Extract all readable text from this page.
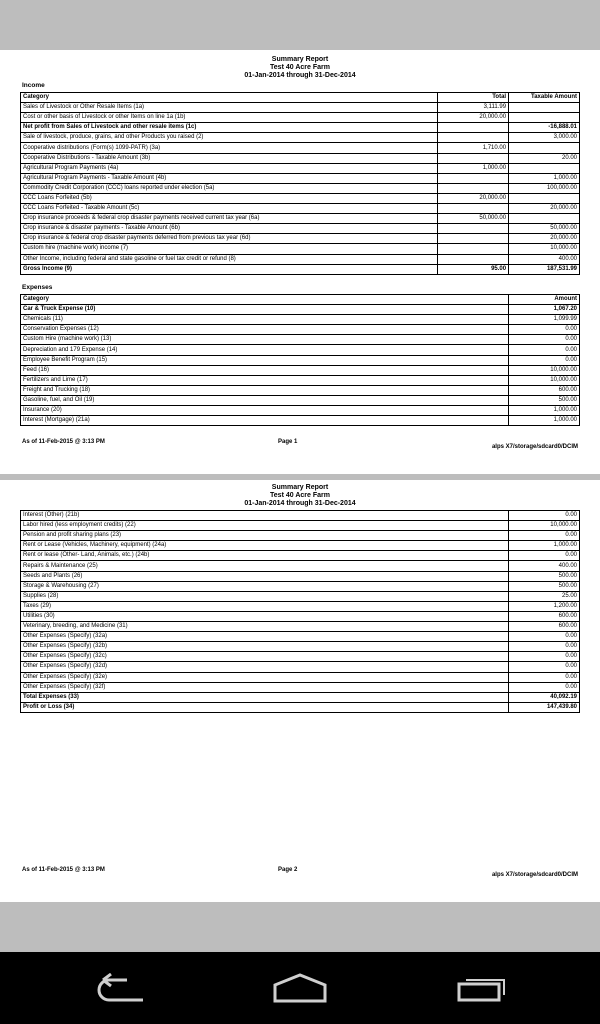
Summary Report
Test 40 Acre Farm
01-Jan-2014 through 31-Dec-2014
Income
Category	Total	Taxable Amount
Sales of Livestock or Other Resale Items (1a)	3,111.99	
Cost or other basis of Livestock or other Items on line 1a (1b)	20,000.00	
Net profit from Sales of Livestock and other resale items (1c)		-16,888.01
Sale of livestock, produce, grains, and other Products you raised (2)		3,000.00
Cooperative distributions (Form(s) 1099-PATR) (3a)	1,710.00	
Cooperative Distributions - Taxable Amount (3b)		20.00
Agricultural Program Payments (4a)	1,000.00	
Agricultural Program Payments - Taxable Amount (4b)		1,000.00
Commodity Credit Corporation (CCC) loans reported under election (5a)		100,000.00
CCC Loans Forfeited (5b)	20,000.00	
CCC Loans Forfeited - Taxable Amount (5c)		20,000.00
Crop insurance proceeds & federal crop disaster payments received current tax year (6a)	50,000.00	
Crop insurance & disaster payments - Taxable Amount (6b)		50,000.00
Crop insurance & federal crop disaster payments deferred from previous tax year (6d)		20,000.00
Custom hire (machine work) income (7)		10,000.00
Other Income, including federal and state gasoline or fuel tax credit or refund (8)		400.00
Gross Income (9)	95.00	187,531.99
Expenses
Category	Amount
Car & Truck Expense (10)	1,067.20
Chemicals (11)	1,099.99
Conservation Expenses (12)	0.00
Custom Hire (machine work) (13)	0.00
Depreciation and 179 Expense (14)	0.00
Employee Benefit Program (15)	0.00
Feed (16)	10,000.00
Fertilizers and Lime (17)	10,000.00
Freight and Trucking (18)	600.00
Gasoline, fuel, and Oil (19)	500.00
Insurance (20)	1,000.00
Interest (Mortgage) (21a)	1,000.00
As of 11-Feb-2015 @ 3:13 PM	Page 1
alps X7/storage/sdcard0/DCIM
Summary Report
Test 40 Acre Farm
01-Jan-2014 through 31-Dec-2014
Interest (Other) (21b)	0.00
Labor hired (less employment credits) (22)	10,000.00
Pension and profit sharing plans (23)	0.00
Rent or Lease (Vehicles, Machinery, equipment) (24a)	1,000.00
Rent or lease (Other- Land, Animals, etc.) (24b)	0.00
Repairs & Maintenance (25)	400.00
Seeds and Plants (26)	500.00
Storage & Warehousing (27)	500.00
Supplies (28)	25.00
Taxes (29)	1,200.00
Utilities (30)	600.00
Veterinary, breeding, and Medicine (31)	600.00
Other Expenses (Specify) (32a)	0.00
Other Expenses (Specify) (32b)	0.00
Other Expenses (Specify) (32c)	0.00
Other Expenses (Specify) (32d)	0.00
Other Expenses (Specify) (32e)	0.00
Other Expenses (Specify) (32f)	0.00
Total Expenses (33)	40,092.19
Profit or Loss (34)	147,439.80
As of 11-Feb-2015 @ 3:13 PM	Page 2
alps X7/storage/sdcard0/DCIM
